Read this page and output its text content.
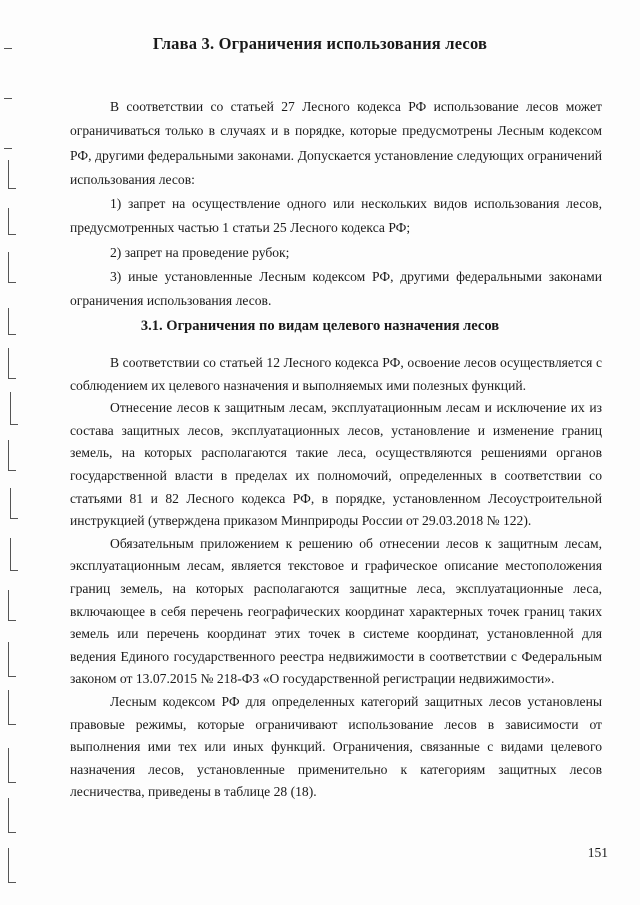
Глава 3. Ограничения использования лесов

В соответствии со статьей 27 Лесного кодекса РФ использование лесов может ограничиваться только в случаях и в порядке, которые предусмотрены Лесным кодексом РФ, другими федеральными законами. Допускается установление следующих ограничений использования лесов:

1) запрет на осуществление одного или нескольких видов использования лесов, предусмотренных частью 1 статьи 25 Лесного кодекса РФ;

2) запрет на проведение рубок;

3) иные установленные Лесным кодексом РФ, другими федеральными законами ограничения использования лесов.

3.1. Ограничения по видам целевого назначения лесов

В соответствии со статьей 12 Лесного кодекса РФ, освоение лесов осуществляется с соблюдением их целевого назначения и выполняемых ими полезных функций.

Отнесение лесов к защитным лесам, эксплуатационным лесам и исключение их из состава защитных лесов, эксплуатационных лесов, установление и изменение границ земель, на которых располагаются такие леса, осуществляются решениями органов государственной власти в пределах их полномочий, определенных в соответствии со статьями 81 и 82 Лесного кодекса РФ, в порядке, установленном Лесоустроительной инструкцией (утверждена приказом Минприроды России от 29.03.2018 № 122).

Обязательным приложением к решению об отнесении лесов к защитным лесам, эксплуатационным лесам, является текстовое и графическое описание местоположения границ земель, на которых располагаются защитные леса, эксплуатационные леса, включающее в себя перечень географических координат характерных точек границ таких земель или перечень координат этих точек в системе координат, установленной для ведения Единого государственного реестра недвижимости в соответствии с Федеральным законом от 13.07.2015 № 218-ФЗ «О государственной регистрации недвижимости».

Лесным кодексом РФ для определенных категорий защитных лесов установлены правовые режимы, которые ограничивают использование лесов в зависимости от выполнения ими тех или иных функций. Ограничения, связанные с видами целевого назначения лесов, установленные применительно к категориям защитных лесов лесничества, приведены в таблице 28 (18).

151
